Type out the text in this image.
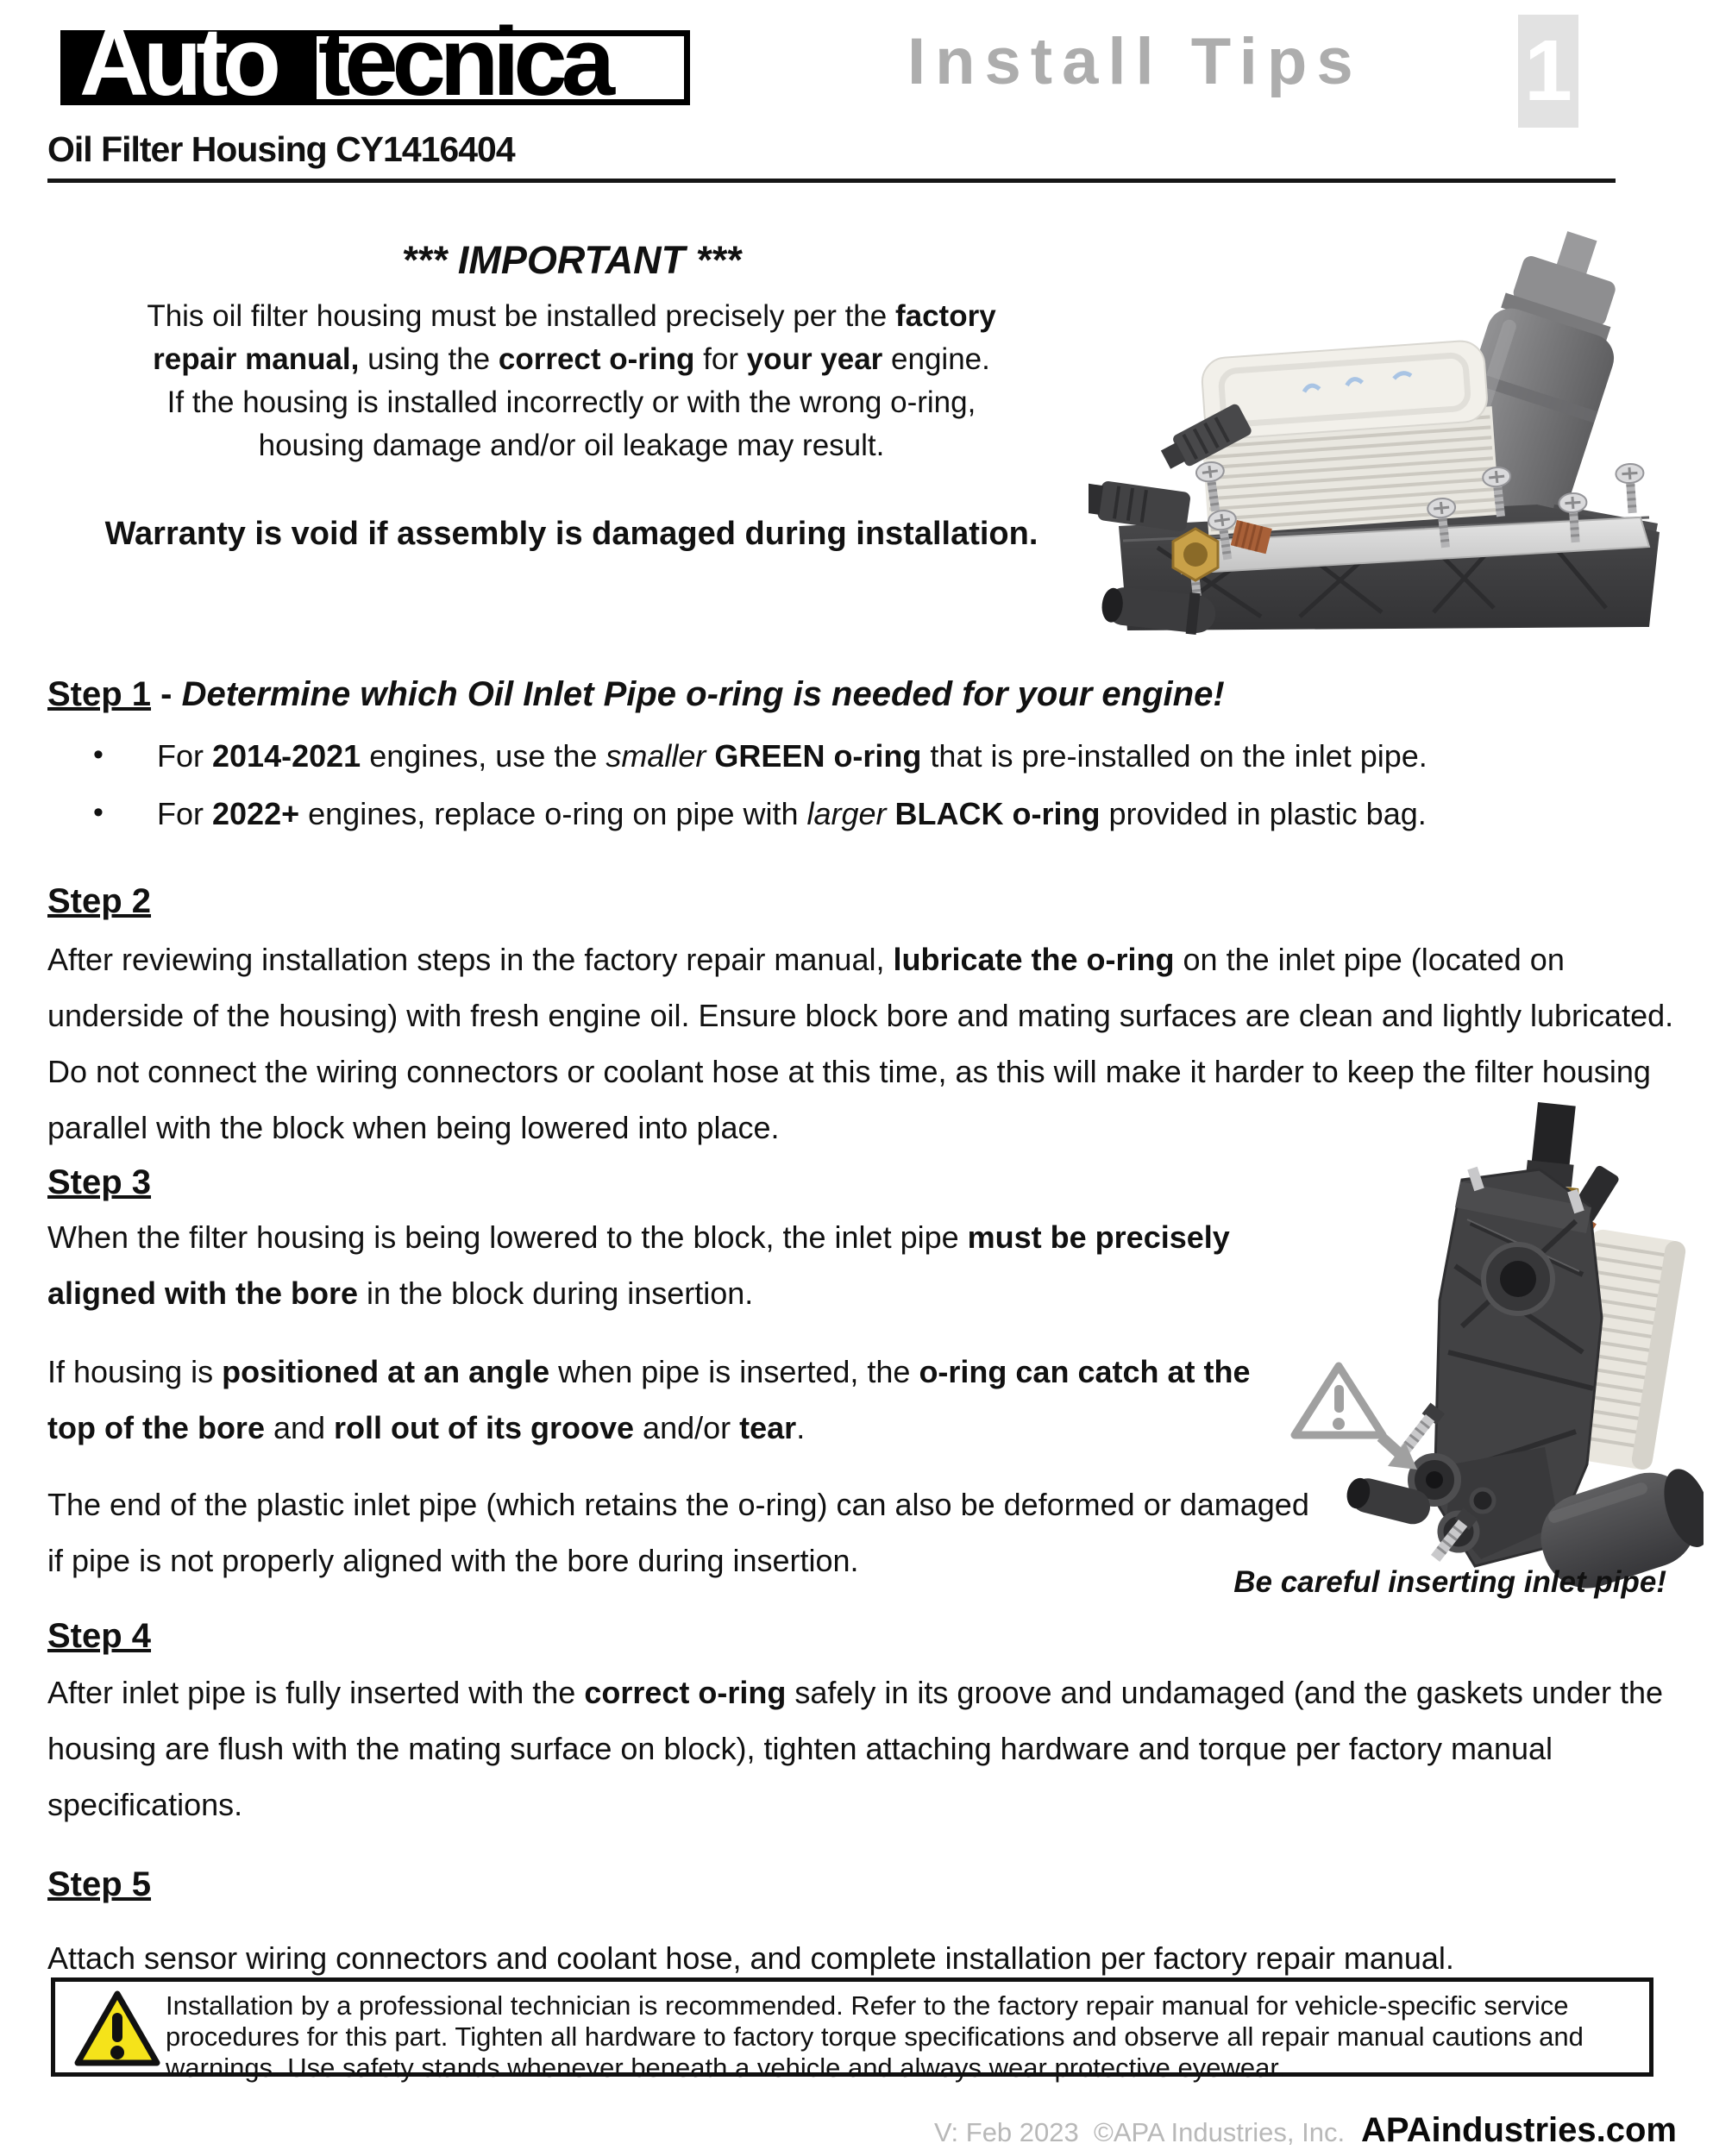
Auto tecnica	Install Tips 1
Oil Filter Housing CY1416404
*** IMPORTANT ***
This oil filter housing must be installed precisely per the factory
repair manual, using the correct o-ring for your year engine.
If the housing is installed incorrectly or with the wrong o-ring,
housing damage and/or oil leakage may result.
Warranty is void if assembly is damaged during installation.
Step 1 - Determine which Oil Inlet Pipe o-ring is needed for your engine!
•	For 2014-2021 engines, use the smaller GREEN o-ring that is pre-installed on the inlet pipe.
•	For 2022+ engines, replace o-ring on pipe with larger BLACK o-ring provided in plastic bag.
Step 2
After reviewing installation steps in the factory repair manual, lubricate the o-ring on the inlet pipe (located on underside of the housing) with fresh engine oil. Ensure block bore and mating surfaces are clean and lightly lubricated. Do not connect the wiring connectors or coolant hose at this time, as this will make it harder to keep the filter housing parallel with the block when being lowered into place.
Step 3
When the filter housing is being lowered to the block, the inlet pipe must be precisely aligned with the bore in the block during insertion.
If housing is positioned at an angle when pipe is inserted, the o-ring can catch at the top of the bore and roll out of its groove and/or tear.
The end of the plastic inlet pipe (which retains the o-ring) can also be deformed or damaged if pipe is not properly aligned with the bore during insertion.
Be careful inserting inlet pipe!
Step 4
After inlet pipe is fully inserted with the correct o-ring safely in its groove and undamaged (and the gaskets under the housing are flush with the mating surface on block), tighten attaching hardware and torque per factory manual specifications.
Step 5
Attach sensor wiring connectors and coolant hose, and complete installation per factory repair manual.
Installation by a professional technician is recommended. Refer to the factory repair manual for vehicle-specific service procedures for this part. Tighten all hardware to factory torque specifications and observe all repair manual cautions and warnings. Use safety stands whenever beneath a vehicle and always wear protective eyewear.
V: Feb 2023 ©APA Industries, Inc. APAindustries.com
